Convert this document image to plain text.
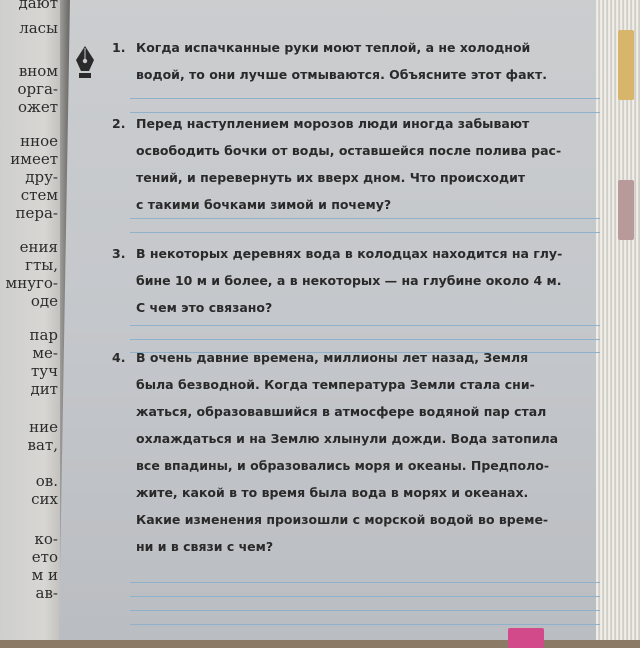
дают
ласы
вном
орга-
ожет
нное
имеет
дру-
стем
пера-
ения
гты,
мнуго-
оде
пар
ме-
туч
дит
ние
ват,
ов.
сих
ко-
ето
м и
ав-
1. Когда испачканные руки моют теплой, а не холодной
водой, то они лучше отмываются. Объясните этот факт.
2. Перед наступлением морозов люди иногда забывают
освободить бочки от воды, оставшейся после полива рас-
тений, и перевернуть их вверх дном. Что происходит
с такими бочками зимой и почему?
3. В некоторых деревнях вода в колодцах находится на глу-
бине 10 м и более, а в некоторых — на глубине около 4 м.
С чем это связано?
4. В очень давние времена, миллионы лет назад, Земля
была безводной. Когда температура Земли стала сни-
жаться, образовавшийся в атмосфере водяной пар стал
охлаждаться и на Землю хлынули дожди. Вода затопила
все впадины, и образовались моря и океаны. Предполо-
жите, какой в то время была вода в морях и океанах.
Какие изменения произошли с морской водой во време-
ни и в связи с чем?
